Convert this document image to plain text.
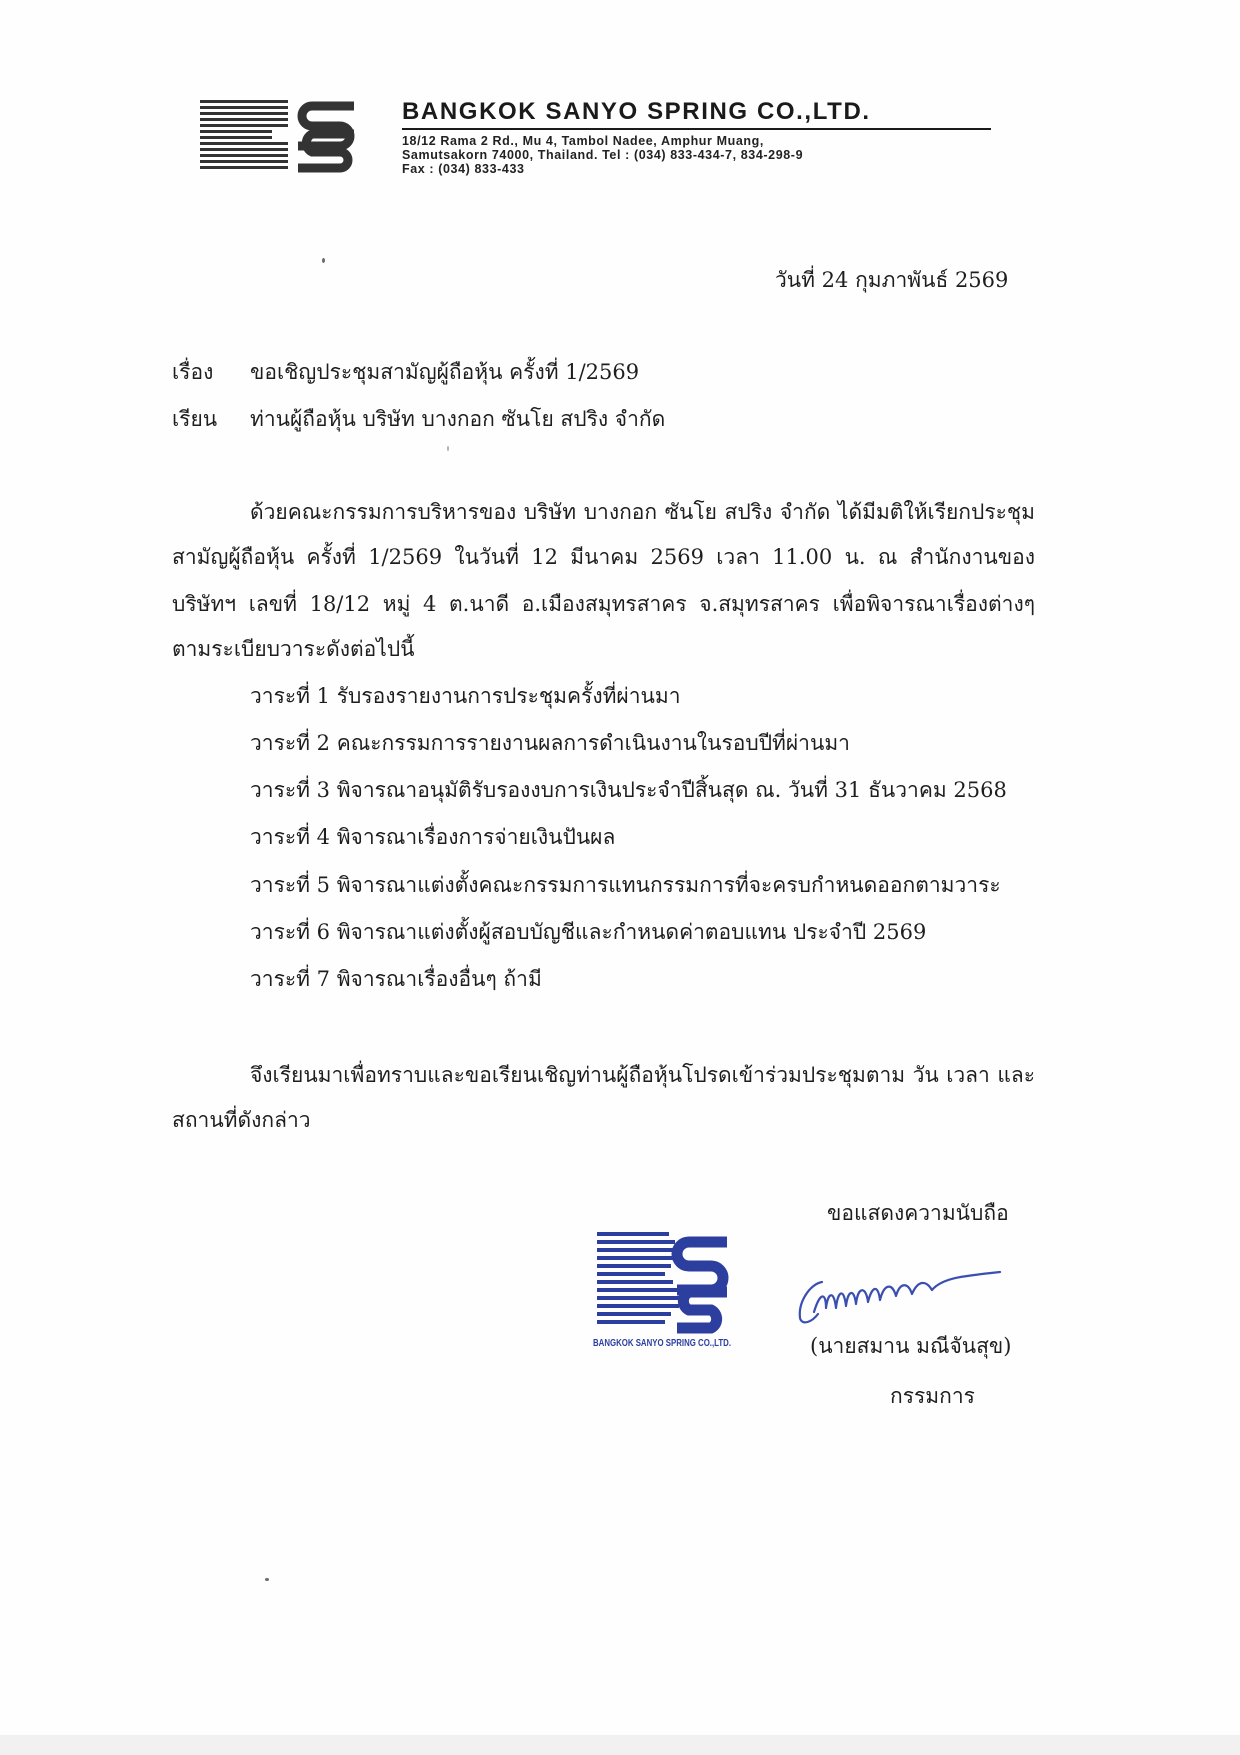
BANGKOK SANYO SPRING CO.,LTD.
18/12 Rama 2 Rd., Mu 4, Tambol Nadee, Amphur Muang,
Samutsakorn 74000, Thailand. Tel : (034) 833-434-7, 834-298-9
Fax : (034) 833-433
วันที่ 24 กุมภาพันธ์ 2569
เรื่อง ขอเชิญประชุมสามัญผู้ถือหุ้น ครั้งที่ 1/2569
เรียน ท่านผู้ถือหุ้น บริษัท บางกอก ซันโย สปริง จำกัด
ด้วยคณะกรรมการบริหารของ บริษัท บางกอก ซันโย สปริง จำกัด ได้มีมติให้เรียกประชุม
สามัญผู้ถือหุ้น ครั้งที่ 1/2569 ในวันที่ 12 มีนาคม 2569 เวลา 11.00 น. ณ สำนักงานของ
บริษัทฯ เลขที่ 18/12 หมู่ 4 ต.นาดี อ.เมืองสมุทรสาคร จ.สมุทรสาคร เพื่อพิจารณาเรื่องต่างๆ
ตามระเบียบวาระดังต่อไปนี้
วาระที่ 1 รับรองรายงานการประชุมครั้งที่ผ่านมา
วาระที่ 2 คณะกรรมการรายงานผลการดำเนินงานในรอบปีที่ผ่านมา
วาระที่ 3 พิจารณาอนุมัติรับรองงบการเงินประจำปีสิ้นสุด ณ. วันที่ 31 ธันวาคม 2568
วาระที่ 4 พิจารณาเรื่องการจ่ายเงินปันผล
วาระที่ 5 พิจารณาแต่งตั้งคณะกรรมการแทนกรรมการที่จะครบกำหนดออกตามวาระ
วาระที่ 6 พิจารณาแต่งตั้งผู้สอบบัญชีและกำหนดค่าตอบแทน ประจำปี 2569
วาระที่ 7 พิจารณาเรื่องอื่นๆ ถ้ามี
จึงเรียนมาเพื่อทราบและขอเรียนเชิญท่านผู้ถือหุ้นโปรดเข้าร่วมประชุมตาม วัน เวลา และ
สถานที่ดังกล่าว
ขอแสดงความนับถือ
BANGKOK SANYO SPRING CO.,LTD.	(นายสมาน มณีจันสุข)
กรรมการ
